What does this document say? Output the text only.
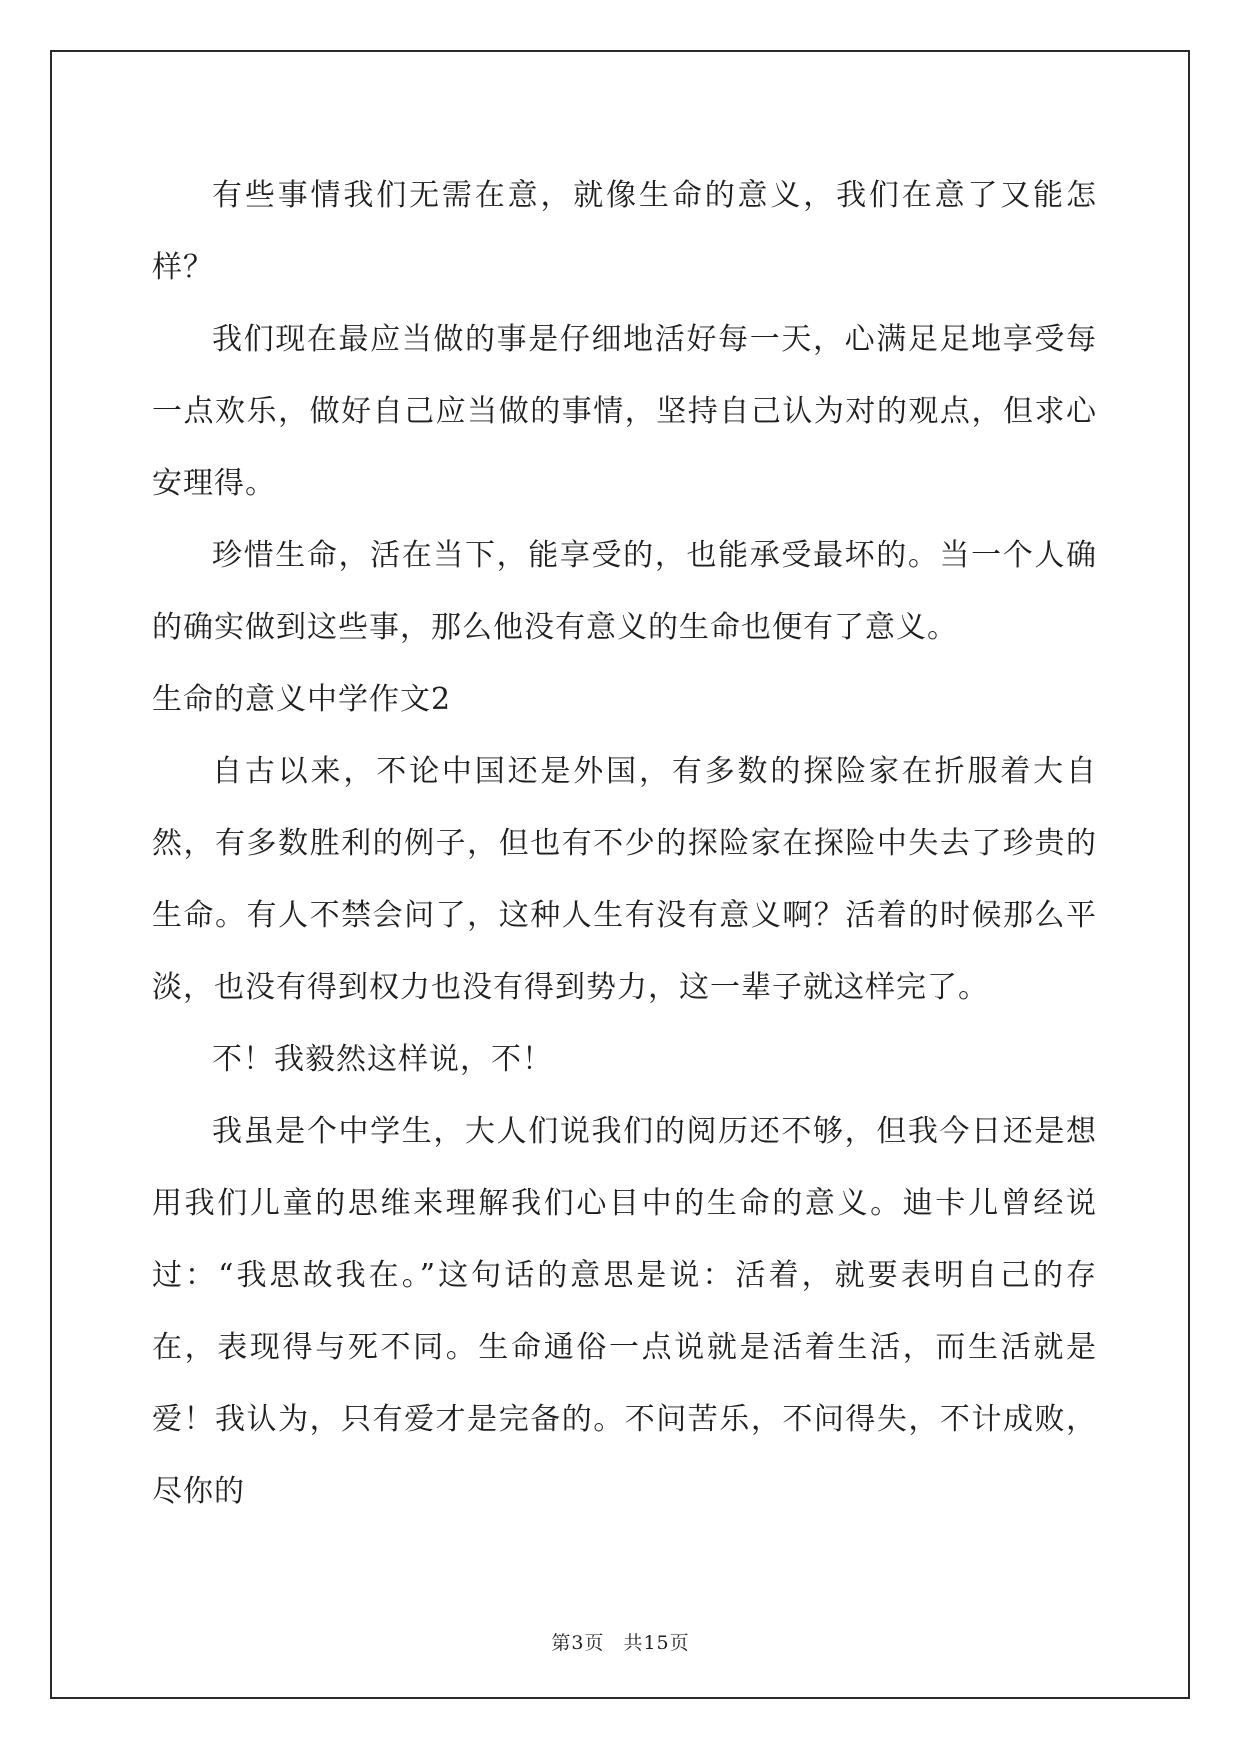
有些事情我们无需在意，就像生命的意义，我们在意了又能怎样？

我们现在最应当做的事是仔细地活好每一天，心满足足地享受每一点欢乐，做好自己应当做的事情，坚持自己认为对的观点，但求心安理得。

珍惜生命，活在当下，能享受的，也能承受最坏的。当一个人确的确实做到这些事，那么他没有意义的生命也便有了意义。

生命的意义中学作文2

自古以来，不论中国还是外国，有多数的探险家在折服着大自然，有多数胜利的例子，但也有不少的探险家在探险中失去了珍贵的生命。有人不禁会问了，这种人生有没有意义啊？活着的时候那么平淡，也没有得到权力也没有得到势力，这一辈子就这样完了。

不！我毅然这样说，不！

我虽是个中学生，大人们说我们的阅历还不够，但我今日还是想用我们儿童的思维来理解我们心目中的生命的意义。迪卡儿曾经说过：“我思故我在。”这句话的意思是说：活着，就要表明自己的存在，表现得与死不同。生命通俗一点说就是活着生活，而生活就是爱！我认为，只有爱才是完备的。不问苦乐，不问得失，不计成败，尽你的

第3页 共15页
